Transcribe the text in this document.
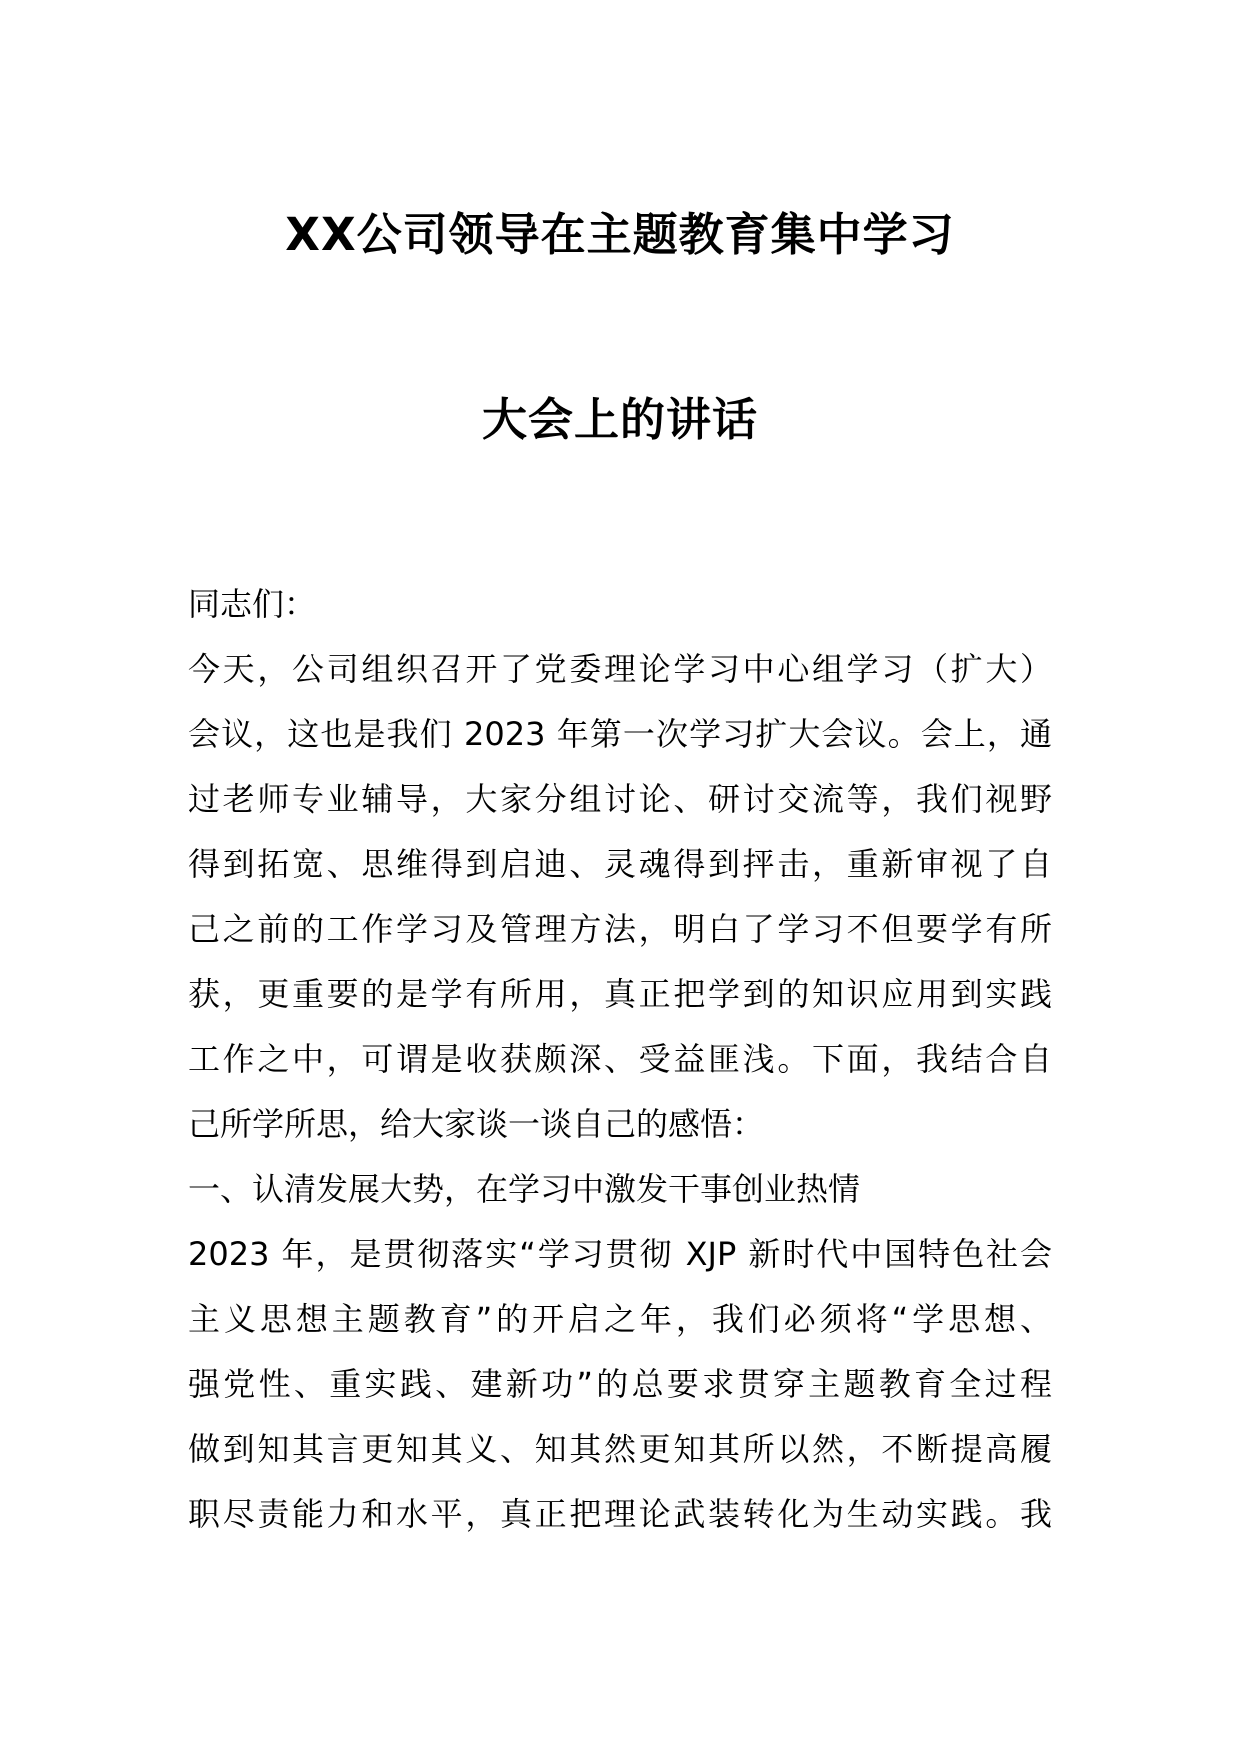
XX公司领导在主题教育集中学习
大会上的讲话
同志们：
今天，公司组织召开了党委理论学习中心组学习（扩大）
会议，这也是我们 2023 年第一次学习扩大会议。会上，通
过老师专业辅导，大家分组讨论、研讨交流等，我们视野
得到拓宽、思维得到启迪、灵魂得到抨击，重新审视了自
己之前的工作学习及管理方法，明白了学习不但要学有所
获，更重要的是学有所用，真正把学到的知识应用到实践
工作之中，可谓是收获颇深、受益匪浅。下面，我结合自
己所学所思，给大家谈一谈自己的感悟：
一、认清发展大势，在学习中激发干事创业热情
2023 年，是贯彻落实“学习贯彻 XJP 新时代中国特色社会
主义思想主题教育”的开启之年，我们必须将“学思想、
强党性、重实践、建新功”的总要求贯穿主题教育全过程
做到知其言更知其义、知其然更知其所以然，不断提高履
职尽责能力和水平，真正把理论武装转化为生动实践。我
